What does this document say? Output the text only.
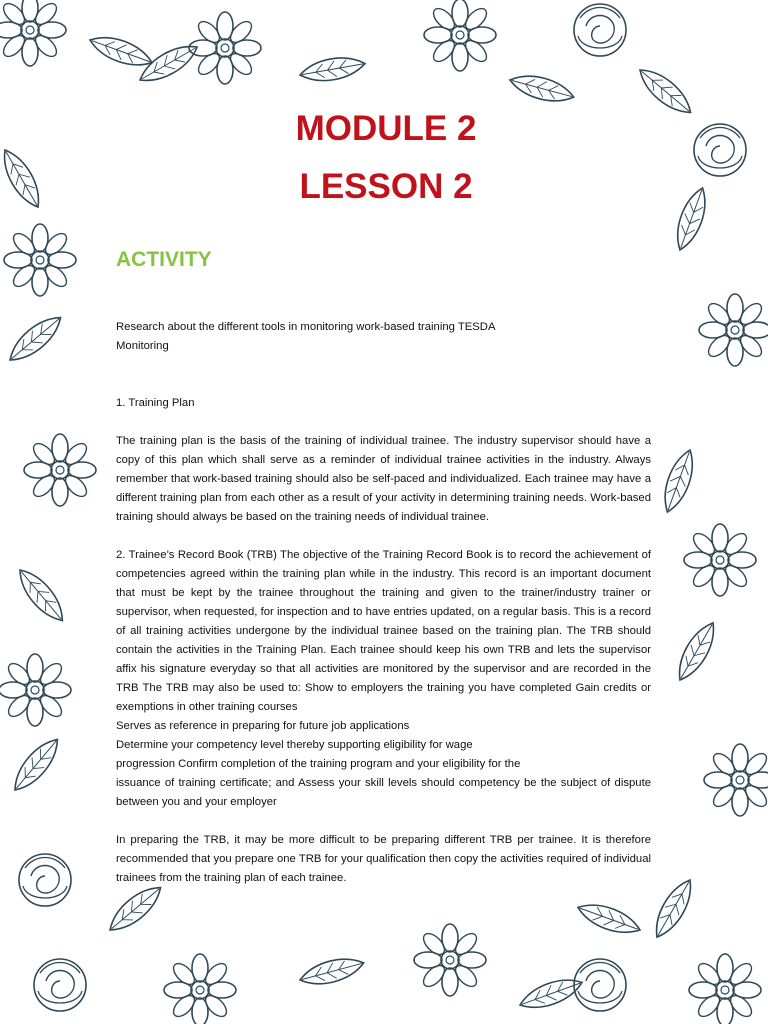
MODULE 2

LESSON 2

ACTIVITY

Research about the different tools in monitoring work-based training TESDA

Monitoring

1. Training Plan

The training plan is the basis of the training of individual trainee. The industry supervisor should have a copy of this plan which shall serve as a reminder of individual trainee activities in the industry. Always remember that work-based training should also be self-paced and individualized. Each trainee may have a different training plan from each other as a result of your activity in determining training needs. Work-based training should always be based on the training needs of individual trainee.

2. Trainee’s Record Book (TRB) The objective of the Training Record Book is to record the achievement of competencies agreed within the training plan while in the industry. This record is an important document that must be kept by the trainee throughout the training and given to the trainer/industry trainer or supervisor, when requested, for inspection and to have entries updated, on a regular basis. This is a record of all training activities undergone by the individual trainee based on the training plan. The TRB should contain the activities in the Training Plan. Each trainee should keep his own TRB and lets the supervisor affix his signature everyday so that all activities are monitored by the supervisor and are recorded in the TRB The TRB may also be used to: Show to employers the training you have completed Gain credits or exemptions in other training courses

Serves as reference in preparing for future job applications

Determine your competency level thereby supporting eligibility for wage

progression Confirm completion of the training program and your eligibility for the

issuance of training certificate; and Assess your skill levels should competency be the subject of dispute between you and your employer

In preparing the TRB, it may be more difficult to be preparing different TRB per trainee. It is therefore recommended that you prepare one TRB for your qualification then copy the activities required of individual trainees from the training plan of each trainee.
